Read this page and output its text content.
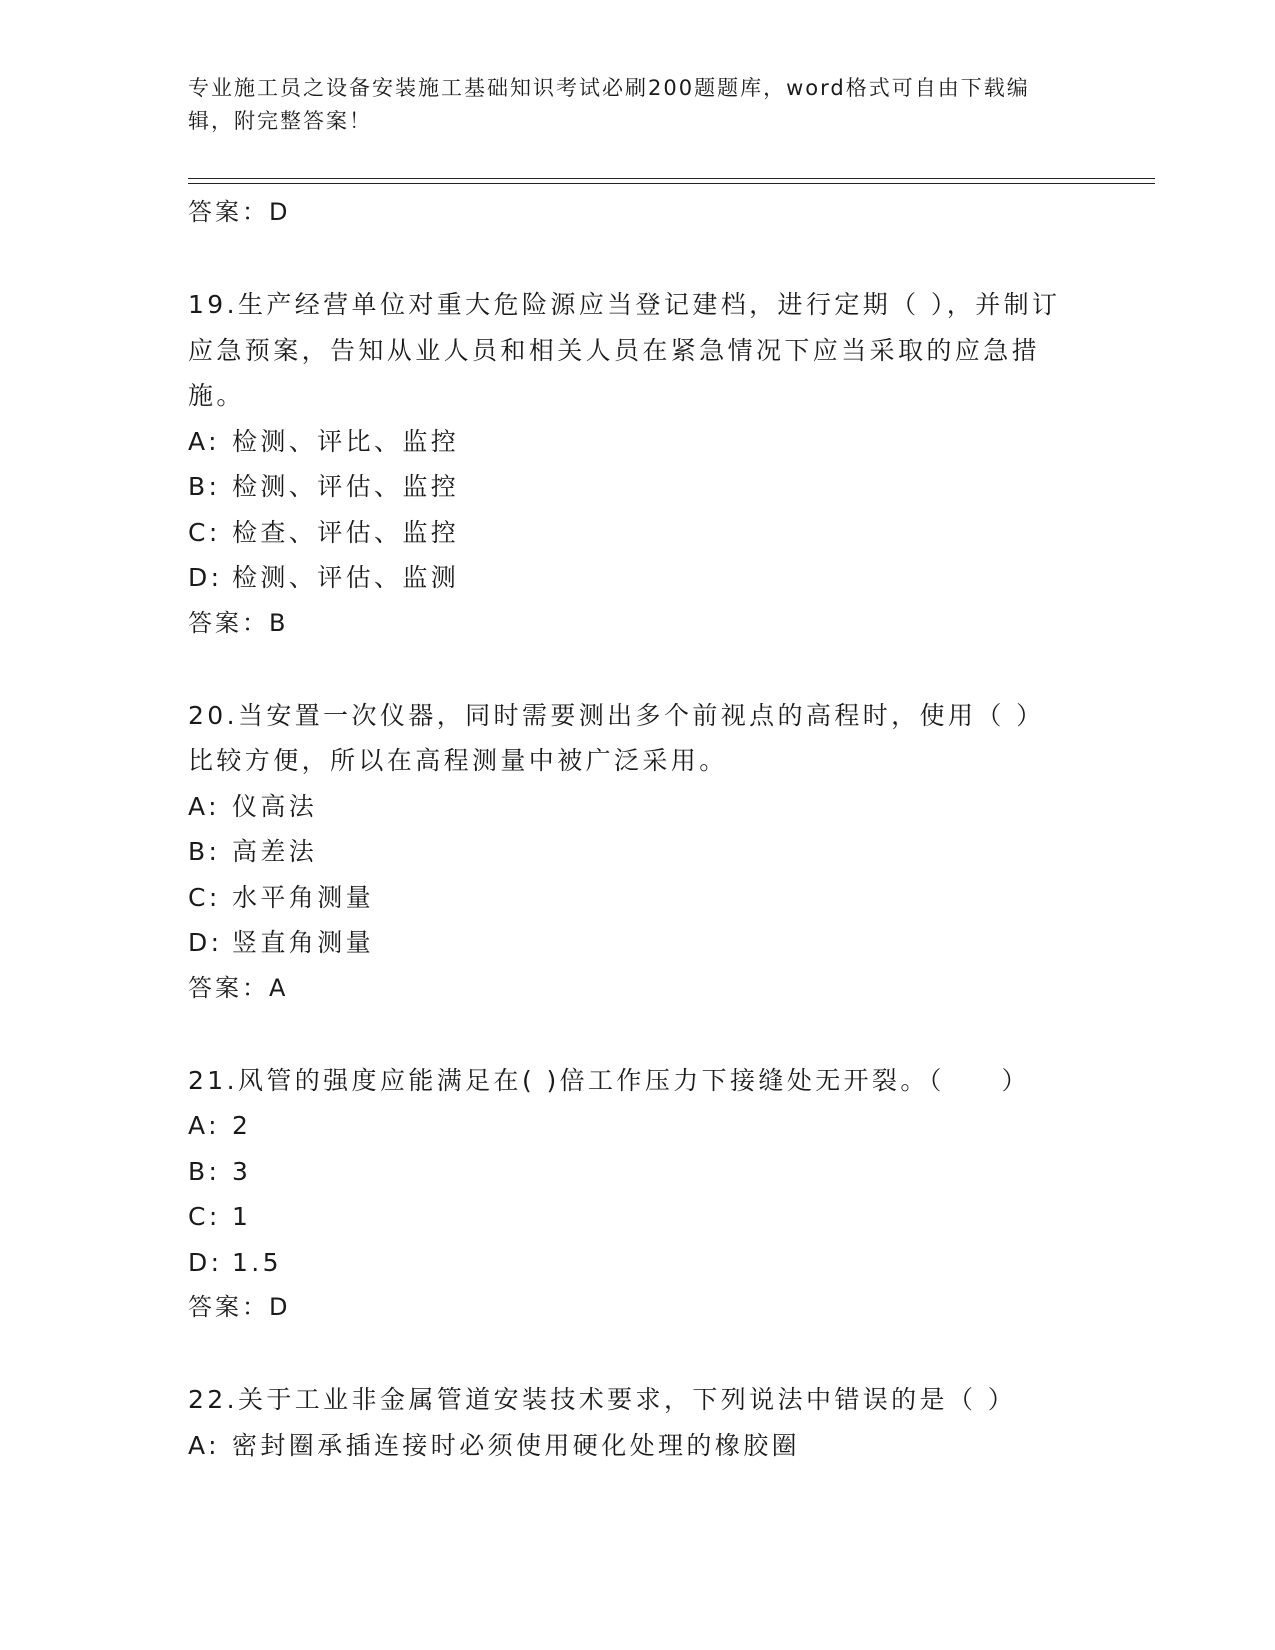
专业施工员之设备安装施工基础知识考试必刷200题题库，word格式可自由下载编辑，附完整答案！
答案：D
19.生产经营单位对重大危险源应当登记建档，进行定期（ ），并制订应急预案，告知从业人员和相关人员在紧急情况下应当采取的应急措施。
A: 检测、评比、监控
B: 检测、评估、监控
C: 检查、评估、监控
D: 检测、评估、监测
答案：B
20.当安置一次仪器，同时需要测出多个前视点的高程时，使用（ ）比较方便，所以在高程测量中被广泛采用。
A: 仪高法
B: 高差法
C: 水平角测量
D: 竖直角测量
答案：A
21.风管的强度应能满足在( )倍工作压力下接缝处无开裂。（　　）
A: 2
B: 3
C: 1
D: 1.5
答案：D
22.关于工业非金属管道安装技术要求，下列说法中错误的是（ ）
A: 密封圈承插连接时必须使用硬化处理的橡胶圈
